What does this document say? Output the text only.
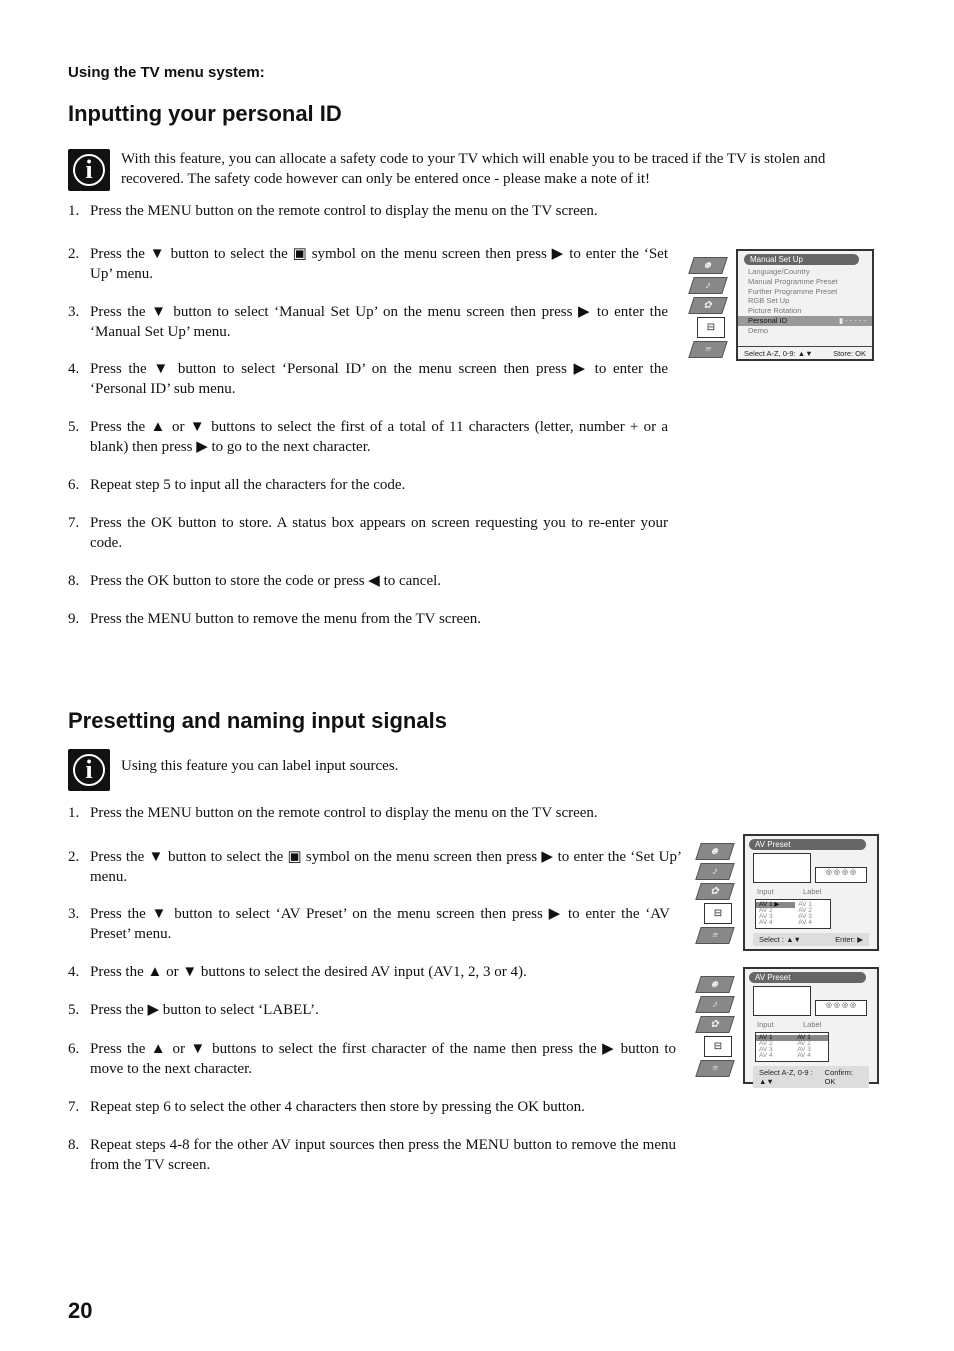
Using the TV menu system:
Inputting your personal ID
i	With this feature, you can allocate a safety code to your TV which will enable you to be traced if the TV is stolen and recovered. The safety code however can only be entered once - please make a note of it!
1. Press the MENU button on the remote control to display the menu on the TV screen.
2. Press the ▼ button to select the ▣ symbol on the menu screen then press ▶ to enter the ‘Set Up’ menu.
3. Press the ▼ button to select ‘Manual Set Up’ on the menu screen then press ▶ to enter the ‘Manual Set Up’ menu.
4. Press the ▼ button to select ‘Personal ID’ on the menu screen then press ▶ to enter the ‘Personal ID’ sub menu.
5. Press the ▲ or ▼ buttons to select the first of a total of 11 characters (letter, number + or a blank) then press ▶ to go to the next character.
6. Repeat step 5 to input all the characters for the code.
7. Press the OK button to store. A status box appears on screen requesting you to re-enter your code.
8. Press the OK button to store the code or press ◀ to cancel.
9. Press the MENU button to remove the menu from the TV screen.
☻
♪
✿
⊟
≡
Manual Set Up
Language/Country
Manual Programme Preset
Further Programme Preset
RGB Set Up
Picture Rotation
Personal ID	▮ - - - - -
Demo
Select A-Z, 0-9: ▲▼	Store: OK
Presetting and naming input signals
i	Using this feature you can label input sources.
1. Press the MENU button on the remote control to display the menu on the TV screen.
2. Press the ▼ button to select the ▣ symbol on the menu screen then press ▶ to enter the ‘Set Up’ menu.
3. Press the ▼ button to select ‘AV Preset’ on the menu screen then press ▶ to enter the ‘AV Preset’ menu.
4. Press the ▲ or ▼ buttons to select the desired AV input (AV1, 2, 3 or 4).
5. Press the ▶ button to select ‘LABEL’.
6. Press the ▲ or ▼ buttons to select the first character of the name then press the ▶ button to move to the next character.
7. Repeat step 6 to select the other 4 characters then store by pressing the OK button.
8. Repeat steps 4-8 for the other AV input sources then press the MENU button to remove the menu from the TV screen.
☻
♪
✿
⊟
≡
AV Preset
◎ ◎ ◎ ◎
Input	Label
AV 1 ▶	AV 1
AV 2	AV 2
AV 3	AV 3
AV 4	AV 4
Select : ▲▼	Enter: ▶
☻
♪
✿
⊟
≡
AV Preset
◎ ◎ ◎ ◎
Input	Label
AV 1	AV 1
AV 2	AV 2
AV 3	AV 3
AV 4	AV 4
Select A-Z, 0-9 : ▲▼
Confirm: OK
20
